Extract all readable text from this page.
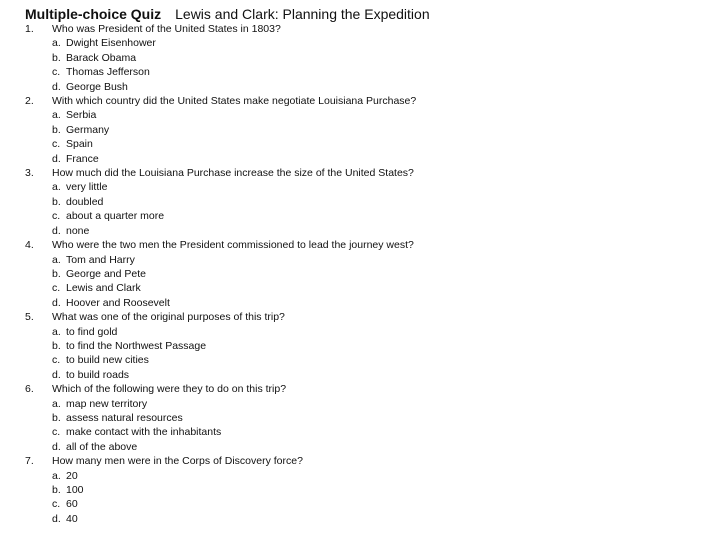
Multiple-choice Quiz Lewis and Clark: Planning the Expedition
1. Who was President of the United States in 1803?
a. Dwight Eisenhower
b. Barack Obama
c. Thomas Jefferson
d. George Bush
2. With which country did the United States make negotiate Louisiana Purchase?
a. Serbia
b. Germany
c. Spain
d. France
3. How much did the Louisiana Purchase increase the size of the United States?
a. very little
b. doubled
c. about a quarter more
d. none
4. Who were the two men the President commissioned to lead the journey west?
a. Tom and Harry
b. George and Pete
c. Lewis and Clark
d. Hoover and Roosevelt
5. What was one of the original purposes of this trip?
a. to find gold
b. to find the Northwest Passage
c. to build new cities
d. to build roads
6. Which of the following were they to do on this trip?
a. map new territory
b. assess natural resources
c. make contact with the inhabitants
d. all of the above
7. How many men were in the Corps of Discovery force?
a. 20
b. 100
c. 60
d. 40
